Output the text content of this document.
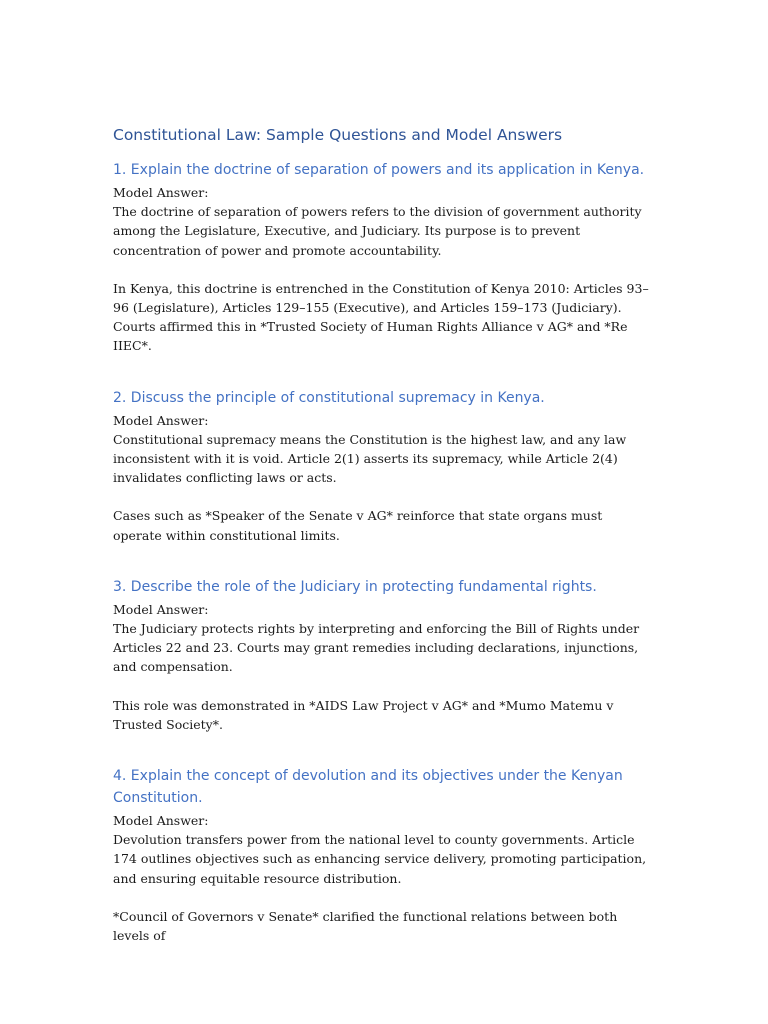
Constitutional Law: Sample Questions and Model Answers
1. Explain the doctrine of separation of powers and its application in Kenya.

Model Answer:

The doctrine of separation of powers refers to the division of government authority among the Legislature, Executive, and Judiciary. Its purpose is to prevent concentration of power and promote accountability.

In Kenya, this doctrine is entrenched in the Constitution of Kenya 2010: Articles 93–96 (Legislature), Articles 129–155 (Executive), and Articles 159–173 (Judiciary). Courts affirmed this in *Trusted Society of Human Rights Alliance v AG* and *Re IIEC*.

2. Discuss the principle of constitutional supremacy in Kenya.

Model Answer:

Constitutional supremacy means the Constitution is the highest law, and any law inconsistent with it is void. Article 2(1) asserts its supremacy, while Article 2(4) invalidates conflicting laws or acts.

Cases such as *Speaker of the Senate v AG* reinforce that state organs must operate within constitutional limits.

3. Describe the role of the Judiciary in protecting fundamental rights.

Model Answer:

The Judiciary protects rights by interpreting and enforcing the Bill of Rights under Articles 22 and 23. Courts may grant remedies including declarations, injunctions, and compensation.

This role was demonstrated in *AIDS Law Project v AG* and *Mumo Matemu v Trusted Society*.

4. Explain the concept of devolution and its objectives under the Kenyan Constitution.

Model Answer:

Devolution transfers power from the national level to county governments. Article 174 outlines objectives such as enhancing service delivery, promoting participation, and ensuring equitable resource distribution.

*Council of Governors v Senate* clarified the functional relations between both levels of
